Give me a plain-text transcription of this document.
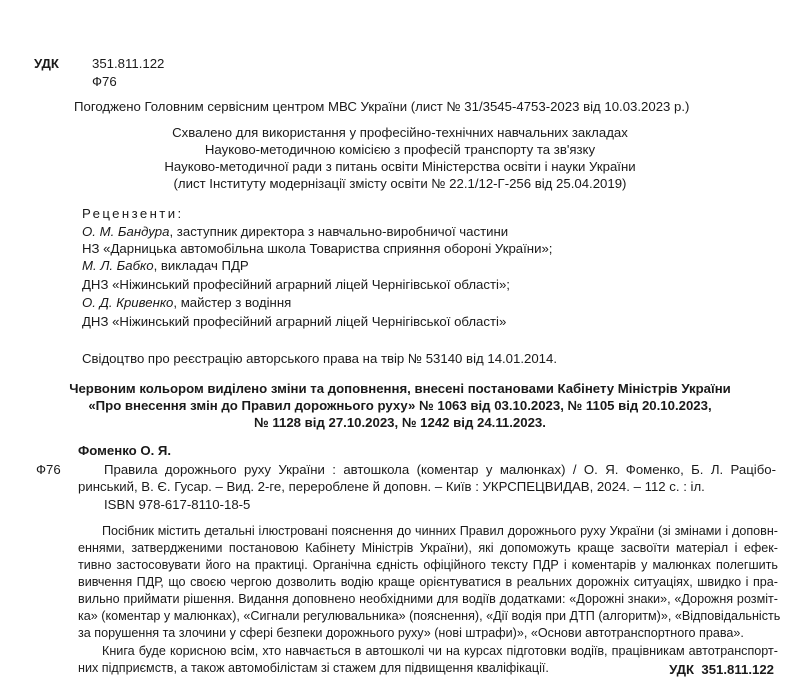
УДК	351.811.122
Ф76
Погоджено Головним сервісним центром МВС України (лист № 31/3545-4753-2023 від 10.03.2023 р.)
Схвалено для використання у професійно-технічних навчальних закладах
Науково-методичною комісією з професій транспорту та зв'язку
Науково-методичної ради з питань освіти Міністерства освіти і науки України
(лист Інституту модернізації змісту освіти № 22.1/12-Г-256 від 25.04.2019)
Рецензенти:
О. М. Бандура, заступник директора з навчально-виробничої частини
НЗ «Дарницька автомобільна школа Товариства сприяння обороні України»;
М. Л. Бабко, викладач ПДР
ДНЗ «Ніжинський професійний аграрний ліцей Чернігівської області»;
О. Д. Кривенко, майстер з водіння
ДНЗ «Ніжинський професійний аграрний ліцей Чернігівської області»
Свідоцтво про реєстрацію авторського права на твір № 53140 від 14.01.2014.
Червоним кольором виділено зміни та доповнення, внесені постановами Кабінету Міністрів України
«Про внесення змін до Правил дорожнього руху» № 1063 від 03.10.2023, № 1105 від 20.10.2023,
№ 1128 від 27.10.2023, № 1242 від 24.11.2023.
Фоменко О. Я.
Ф76	Правила дорожнього руху України : автошкола (коментар у малюнках) / О. Я. Фоменко, Б. Л. Рацібо-
ринський, В. Є. Гусар. – Вид. 2-ге, перероблене й доповн. – Київ : УКРСПЕЦВИДАВ, 2024. – 112 с. : іл.
ISBN 978-617-8110-18-5
Посібник містить детальні ілюстровані пояснення до чинних Правил дорожнього руху України (зі змінами і доповн-
еннями, затвердженими постановою Кабінету Міністрів України), які допоможуть краще засвоїти матеріал і ефек-
тивно застосовувати його на практиці. Органічна єдність офіційного тексту ПДР і коментарів у малюнках полегшить
вивчення ПДР, що своєю чергою дозволить водію краще орієнтуватися в реальних дорожніх ситуаціях, швидко і пра-
вильно приймати рішення. Видання доповнено необхідними для водіїв додатками: «Дорожні знаки», «Дорожня розміт-
ка» (коментар у малюнках), «Сигнали регулювальника» (пояснення), «Дії водія при ДТП (алгоритм)», «Відповідальність
за порушення та злочини у сфері безпеки дорожнього руху» (нові штрафи)», «Основи автотранспортного права».
Книга буде корисною всім, хто навчається в автошколі чи на курсах підготовки водіїв, працівникам автотранспорт-
них підприємств, а також автомобілістам зі стажем для підвищення кваліфікації.	УДК  351.811.122
